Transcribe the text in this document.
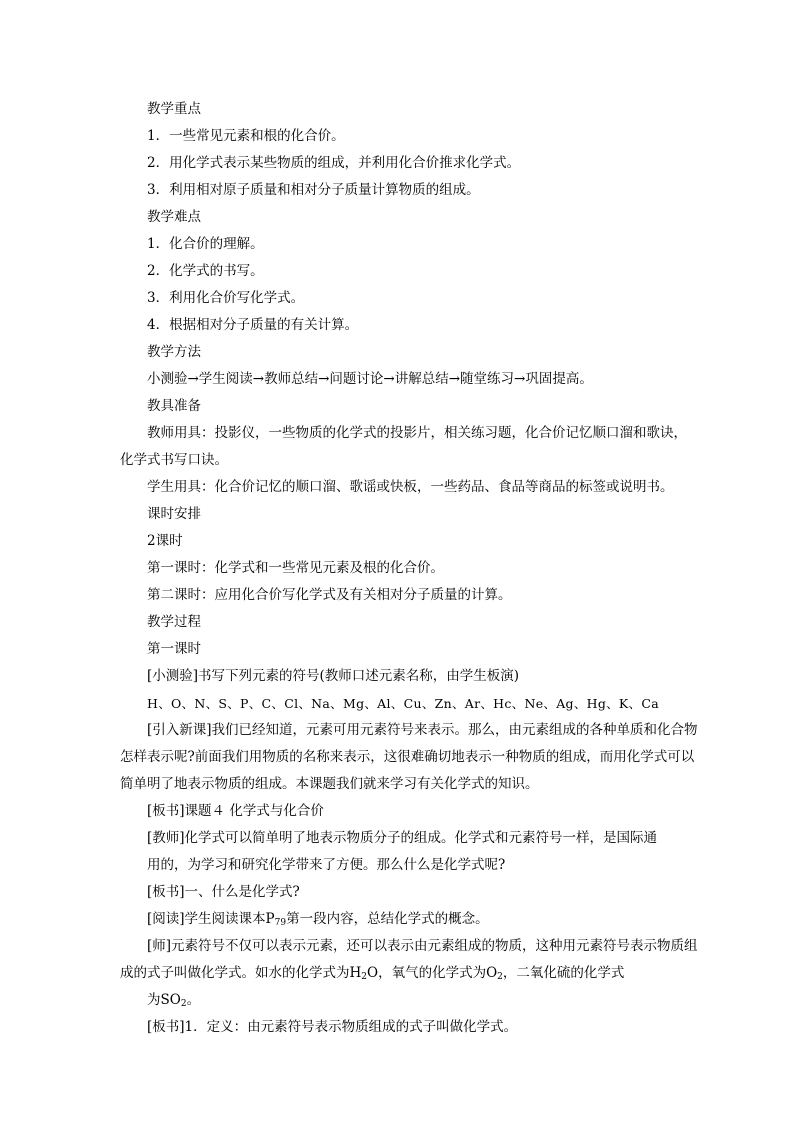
教学重点
1．一些常见元素和根的化合价。
2．用化学式表示某些物质的组成，并利用化合价推求化学式。
3．利用相对原子质量和相对分子质量计算物质的组成。
教学难点
1．化合价的理解。
2．化学式的书写。
3．利用化合价写化学式。
4．根据相对分子质量的有关计算。
教学方法
小测验→学生阅读→教师总结→问题讨论→讲解总结→随堂练习→巩固提高。
教具准备
教师用具：投影仪，一些物质的化学式的投影片，相关练习题，化合价记忆顺口溜和歌诀，化学式书写口诀。
学生用具：化合价记忆的顺口溜、歌谣或快板，一些药品、食品等商品的标签或说明书。
课时安排
2课时
第一课时：化学式和一些常见元素及根的化合价。
第二课时：应用化合价写化学式及有关相对分子质量的计算。
教学过程
第一课时
[小测验]书写下列元素的符号(教师口述元素名称，由学生板演)
H、O、N、S、P、C、Cl、Na、Mg、Al、Cu、Zn、Ar、Hc、Ne、Ag、Hg、K、Ca
[引入新课]我们已经知道，元素可用元素符号来表示。那么，由元素组成的各种单质和化合物怎样表示呢?前面我们用物质的名称来表示，这很难确切地表示一种物质的组成，而用化学式可以简单明了地表示物质的组成。本课题我们就来学习有关化学式的知识。
[板书]课题４ 化学式与化合价
[教师]化学式可以简单明了地表示物质分子的组成。化学式和元素符号一样，是国际通
用的，为学习和研究化学带来了方便。那么什么是化学式呢?
[板书]一、什么是化学式?
[阅读]学生阅读课本$P_{79}$第一段内容，总结化学式的概念。
[师]元素符号不仅可以表示元素，还可以表示由元素组成的物质，这种用元素符号表示物质组成的式子叫做化学式。如水的化学式为$H_2O$，氧气的化学式为$O_2$，二氧化硫的化学式
为$SO_2$。
[板书]1．定义：由元素符号表示物质组成的式子叫做化学式。
